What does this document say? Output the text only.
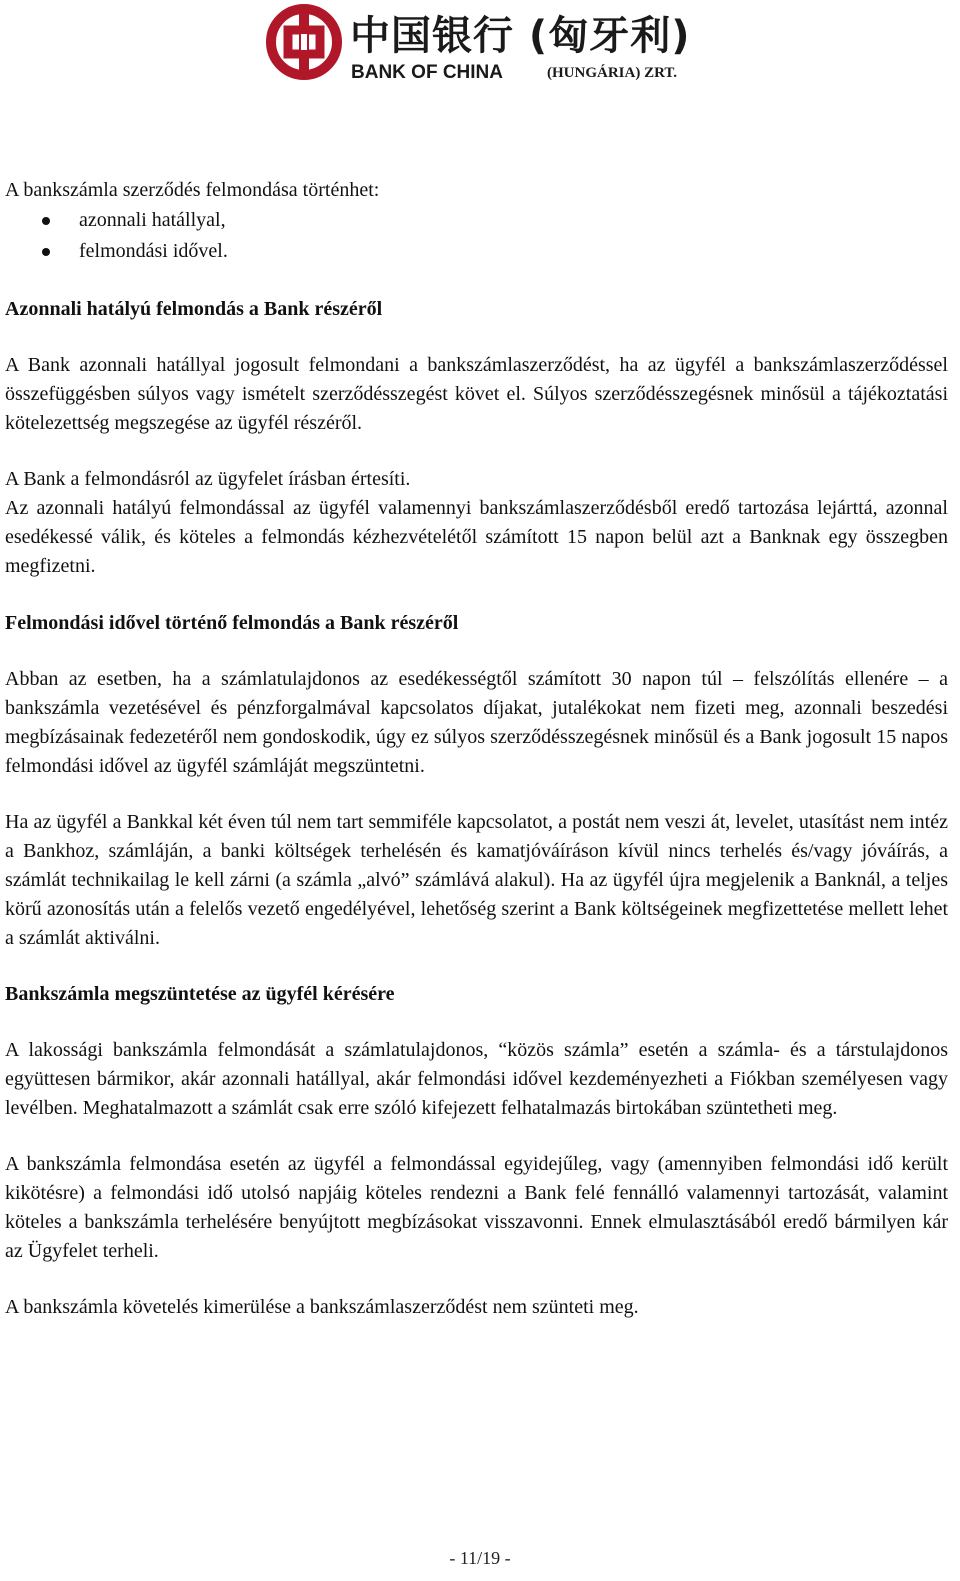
中国银行 (匈牙利)
BANK OF CHINA	(HUNGÁRIA) ZRT.

A bankszámla szerződés felmondása történhet:

azonnali hatállyal,
felmondási idővel.
Azonnali hatályú felmondás a Bank részéről

A Bank azonnali hatállyal jogosult felmondani a bankszámlaszerződést, ha az ügyfél a bankszámlaszerződéssel összefüggésben súlyos vagy ismételt szerződésszegést követ el. Súlyos szerződésszegésnek minősül a tájékoztatási kötelezettség megszegése az ügyfél részéről.

A Bank a felmondásról az ügyfelet írásban értesíti.

Az azonnali hatályú felmondással az ügyfél valamennyi bankszámlaszerződésből eredő tartozása lejárttá, azonnal esedékessé válik, és köteles a felmondás kézhezvételétől számított 15 napon belül azt a Banknak egy összegben megfizetni.

Felmondási idővel történő felmondás a Bank részéről

Abban az esetben, ha a számlatulajdonos az esedékességtől számított 30 napon túl – felszólítás ellenére – a bankszámla vezetésével és pénzforgalmával kapcsolatos díjakat, jutalékokat nem fizeti meg, azonnali beszedési megbízásainak fedezetéről nem gondoskodik, úgy ez súlyos szerződésszegésnek minősül és a Bank jogosult 15 napos felmondási idővel az ügyfél számláját megszüntetni.

Ha az ügyfél a Bankkal két éven túl nem tart semmiféle kapcsolatot, a postát nem veszi át, levelet, utasítást nem intéz a Bankhoz, számláján, a banki költségek terhelésén és kamatjóváíráson kívül nincs terhelés és/vagy jóváírás, a számlát technikailag le kell zárni (a számla „alvó” számlává alakul). Ha az ügyfél újra megjelenik a Banknál, a teljes körű azonosítás után a felelős vezető engedélyével, lehetőség szerint a Bank költségeinek megfizettetése mellett lehet a számlát aktiválni.

Bankszámla megszüntetése az ügyfél kérésére

A lakossági bankszámla felmondását a számlatulajdonos, “közös számla” esetén a számla- és a társtulajdonos együttesen bármikor, akár azonnali hatállyal, akár felmondási idővel kezdeményezheti a Fiókban személyesen vagy levélben. Meghatalmazott a számlát csak erre szóló kifejezett felhatalmazás birtokában szüntetheti meg.

A bankszámla felmondása esetén az ügyfél a felmondással egyidejűleg, vagy (amennyiben felmondási idő került kikötésre) a felmondási idő utolsó napjáig köteles rendezni a Bank felé fennálló valamennyi tartozását, valamint köteles a bankszámla terhelésére benyújtott megbízásokat visszavonni. Ennek elmulasztásából eredő bármilyen kár az Ügyfelet terheli.

A bankszámla követelés kimerülése a bankszámlaszerződést nem szünteti meg.

- 11/19 -
